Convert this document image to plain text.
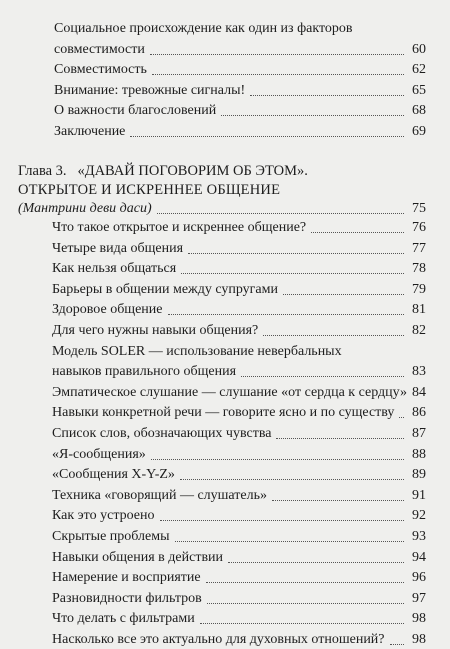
Социальное происхождение как один из факторов
совместимости	60
Совместимость	62
Внимание: тревожные сигналы!	65
О важности благословений	68
Заключение	69
Глава 3. «ДАВАЙ ПОГОВОРИМ ОБ ЭТОМ».
ОТКРЫТОЕ И ИСКРЕННЕЕ ОБЩЕНИЕ
(Мантрини деви даси)	75
Что такое открытое и искреннее общение?	76
Четыре вида общения	77
Как нельзя общаться	78
Барьеры в общении между супругами	79
Здоровое общение	81
Для чего нужны навыки общения?	82
Модель SOLER — использование невербальных
навыков правильного общения	83
Эмпатическое слушание — слушание «от сердца к сердцу» 84
Навыки конкретной речи — говорите ясно и по существу	86
Список слов, обозначающих чувства	87
«Я-сообщения»	88
«Сообщения X-Y-Z»	89
Техника «говорящий — слушатель»	91
Как это устроено	92
Скрытые проблемы	93
Навыки общения в действии	94
Намерение и восприятие	96
Разновидности фильтров	97
Что делать с фильтрами	98
Насколько все это актуально для духовных отношений?	98
